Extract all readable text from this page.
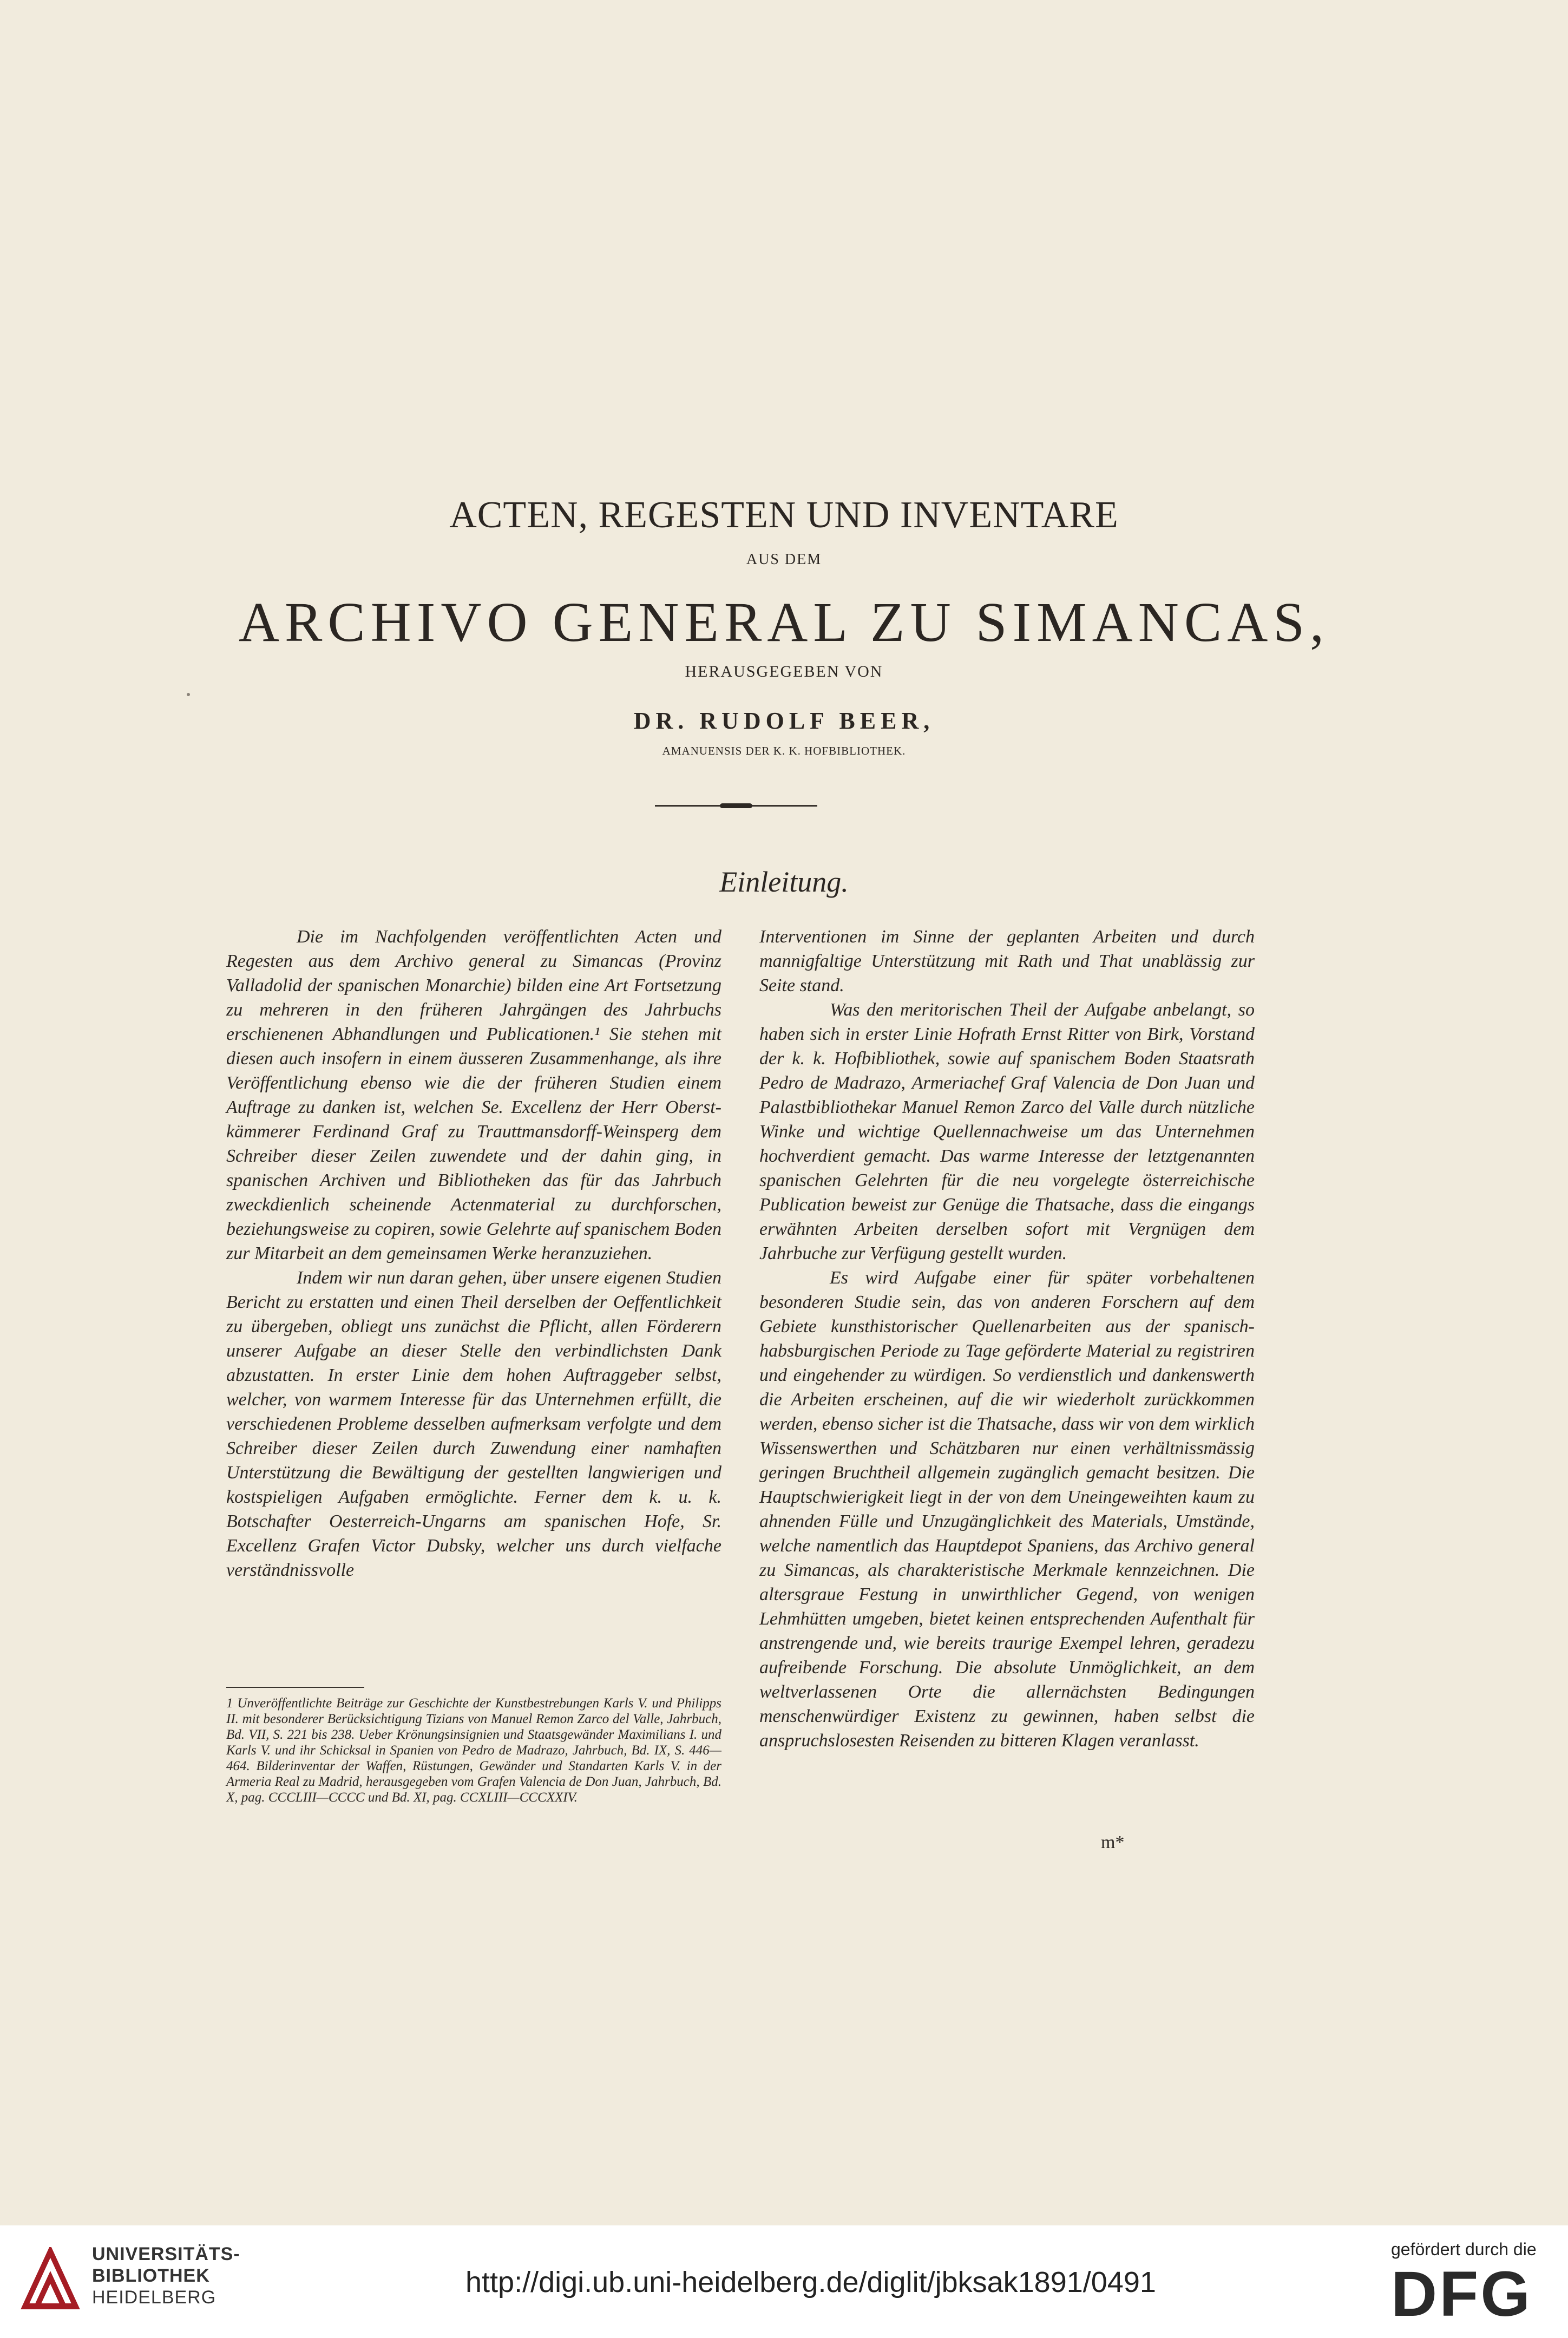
ACTEN, REGESTEN UND INVENTARE
AUS DEM
ARCHIVO GENERAL ZU SIMANCAS,
HERAUSGEGEBEN VON
DR. RUDOLF BEER,
AMANUENSIS DER K. K. HOFBIBLIOTHEK.
Einleitung.

Die im Nachfolgenden veröffentlichten Acten und Regesten aus dem Archivo general zu Simancas (Provinz Valladolid der spanischen Monarchie) bilden eine Art Fortsetzung zu mehreren in den früheren Jahrgängen des Jahrbuchs erschienenen Abhandlungen und Publicationen.¹ Sie stehen mit diesen auch insofern in einem äusseren Zusammenhange, als ihre Veröffentlichung ebenso wie die der früheren Studien einem Auftrage zu danken ist, welchen Se. Excellenz der Herr Oberst-kämmerer Ferdinand Graf zu Trauttmansdorff-Weinsperg dem Schreiber dieser Zeilen zuwendete und der dahin ging, in spanischen Archiven und Bibliotheken das für das Jahrbuch zweckdienlich scheinende Actenmaterial zu durchforschen, beziehungsweise zu copiren, sowie Gelehrte auf spanischem Boden zur Mitarbeit an dem gemeinsamen Werke heranzuziehen.

Indem wir nun daran gehen, über unsere eigenen Studien Bericht zu erstatten und einen Theil derselben der Oeffentlichkeit zu übergeben, obliegt uns zunächst die Pflicht, allen Förderern unserer Aufgabe an dieser Stelle den verbindlichsten Dank abzustatten. In erster Linie dem hohen Auftraggeber selbst, welcher, von warmem Interesse für das Unternehmen erfüllt, die verschiedenen Probleme desselben aufmerksam verfolgte und dem Schreiber dieser Zeilen durch Zuwendung einer namhaften Unterstützung die Bewältigung der gestellten langwierigen und kostspieligen Aufgaben ermöglichte. Ferner dem k. u. k. Botschafter Oesterreich-Ungarns am spanischen Hofe, Sr. Excellenz Grafen Victor Dubsky, welcher uns durch vielfache verständnissvolle

1 Unveröffentlichte Beiträge zur Geschichte der Kunstbestrebungen Karls V. und Philipps II. mit besonderer Berücksichtigung Tizians von Manuel Remon Zarco del Valle, Jahrbuch, Bd. VII, S. 221 bis 238. Ueber Krönungsinsignien und Staatsgewänder Maximilians I. und Karls V. und ihr Schicksal in Spanien von Pedro de Madrazo, Jahrbuch, Bd. IX, S. 446—464. Bilderinventar der Waffen, Rüstungen, Gewänder und Standarten Karls V. in der Armeria Real zu Madrid, herausgegeben vom Grafen Valencia de Don Juan, Jahrbuch, Bd. X, pag. CCCLIII—CCCC und Bd. XI, pag. CCXLIII—CCCXXIV.

Interventionen im Sinne der geplanten Arbeiten und durch mannigfaltige Unterstützung mit Rath und That unablässig zur Seite stand.

Was den meritorischen Theil der Aufgabe anbelangt, so haben sich in erster Linie Hofrath Ernst Ritter von Birk, Vorstand der k. k. Hofbibliothek, sowie auf spanischem Boden Staatsrath Pedro de Madrazo, Armeriachef Graf Valencia de Don Juan und Palastbibliothekar Manuel Remon Zarco del Valle durch nützliche Winke und wichtige Quellennachweise um das Unternehmen hochverdient gemacht. Das warme Interesse der letztgenannten spanischen Gelehrten für die neu vorgelegte österreichische Publication beweist zur Genüge die Thatsache, dass die eingangs erwähnten Arbeiten derselben sofort mit Vergnügen dem Jahrbuche zur Verfügung gestellt wurden.

Es wird Aufgabe einer für später vorbehaltenen besonderen Studie sein, das von anderen Forschern auf dem Gebiete kunsthistorischer Quellenarbeiten aus der spanisch-habsburgischen Periode zu Tage geförderte Material zu registriren und eingehender zu würdigen. So verdienstlich und dankenswerth die Arbeiten erscheinen, auf die wir wiederholt zurückkommen werden, ebenso sicher ist die Thatsache, dass wir von dem wirklich Wissenswerthen und Schätzbaren nur einen verhältnissmässig geringen Bruchtheil allgemein zugänglich gemacht besitzen. Die Hauptschwierigkeit liegt in der von dem Uneingeweihten kaum zu ahnenden Fülle und Unzugänglichkeit des Materials, Umstände, welche namentlich das Hauptdepot Spaniens, das Archivo general zu Simancas, als charakteristische Merkmale kennzeichnen. Die altersgraue Festung in unwirthlicher Gegend, von wenigen Lehmhütten umgeben, bietet keinen entsprechenden Aufenthalt für anstrengende und, wie bereits traurige Exempel lehren, geradezu aufreibende Forschung. Die absolute Unmöglichkeit, an dem weltverlassenen Orte die allernächsten Bedingungen menschenwürdiger Existenz zu gewinnen, haben selbst die anspruchslosesten Reisenden zu bitteren Klagen veranlasst.

m*
UNIVERSITÄTS-
BIBLIOTHEK
HEIDELBERG	http://digi.ub.uni-heidelberg.de/diglit/jbksak1891/0491
gefördert durch die
DFG
